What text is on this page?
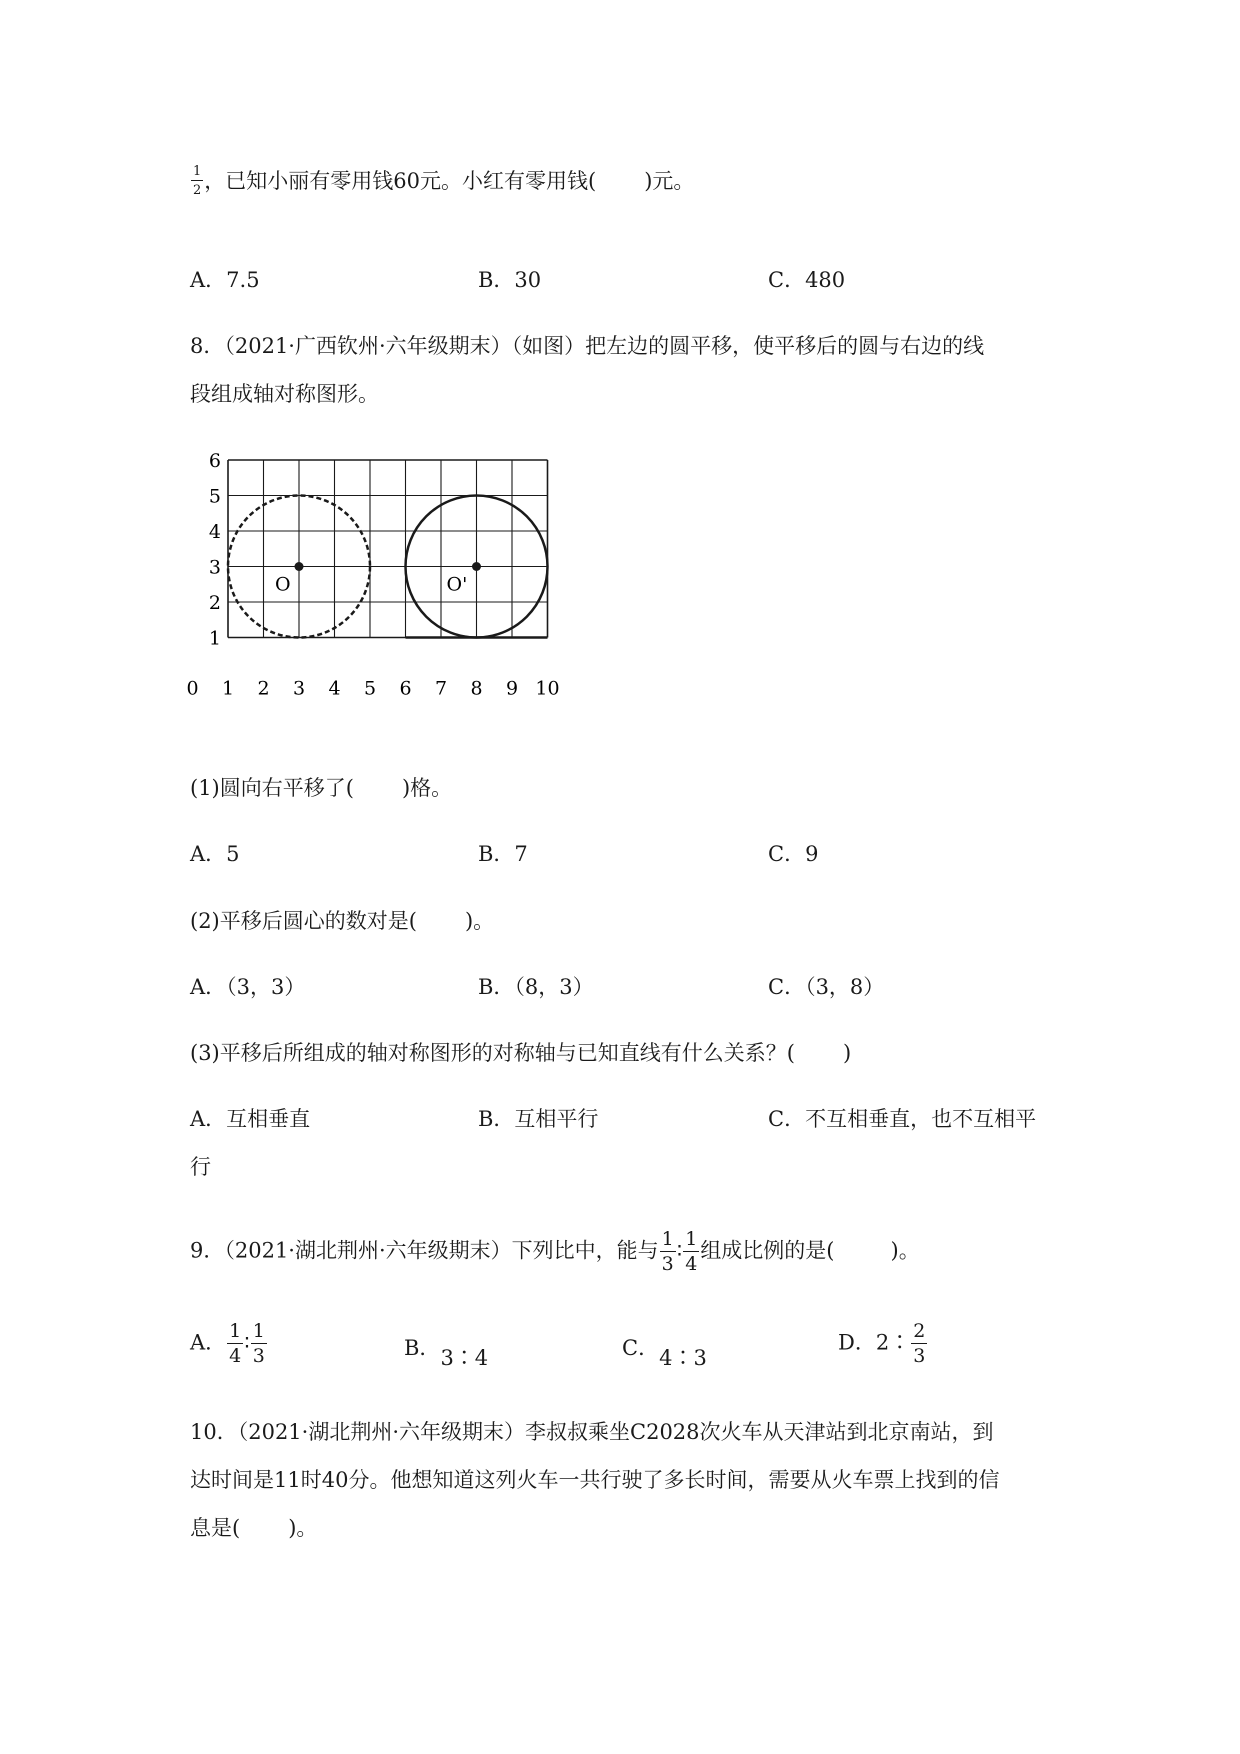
$\frac{1}{2}$ ，已知小丽有零用钱60元。小红有零用钱( )元。
A．7.5	B．30	C．480
8．（2021·广西钦州·六年级期末）（如图）把左边的圆平移，使平移后的圆与右边的线
段组成轴对称图形。
0 1 2 3 4 5 6 7 8 9 10
1
2
3
4
5
6
O	O'
(1)圆向右平移了( )格。
A．5	B．7	C．9
(2)平移后圆心的数对是( )。
A．（3，3）	B．（8，3）	C．（3，8）
(3)平移后所组成的轴对称图形的对称轴与已知直线有什么关系？( )
A．互相垂直	B．互相平行	C．不互相垂直，也不互相平
行
9．（2021·湖北荆州·六年级期末）下列比中，能与 $\frac{1}{3}$ ∶ $\frac{1}{4}$ 组成比例的是(	)。
A． $\frac{1}{4}$ ∶ $\frac{1}{3}$	B．3∶4	C．4∶3
D．2∶ $\frac{2}{3}$
10．（2021·湖北荆州·六年级期末）李叔叔乘坐C2028次火车从天津站到北京南站，到
达时间是11时40分。他想知道这列火车一共行驶了多长时间，需要从火车票上找到的信
息是( )。
